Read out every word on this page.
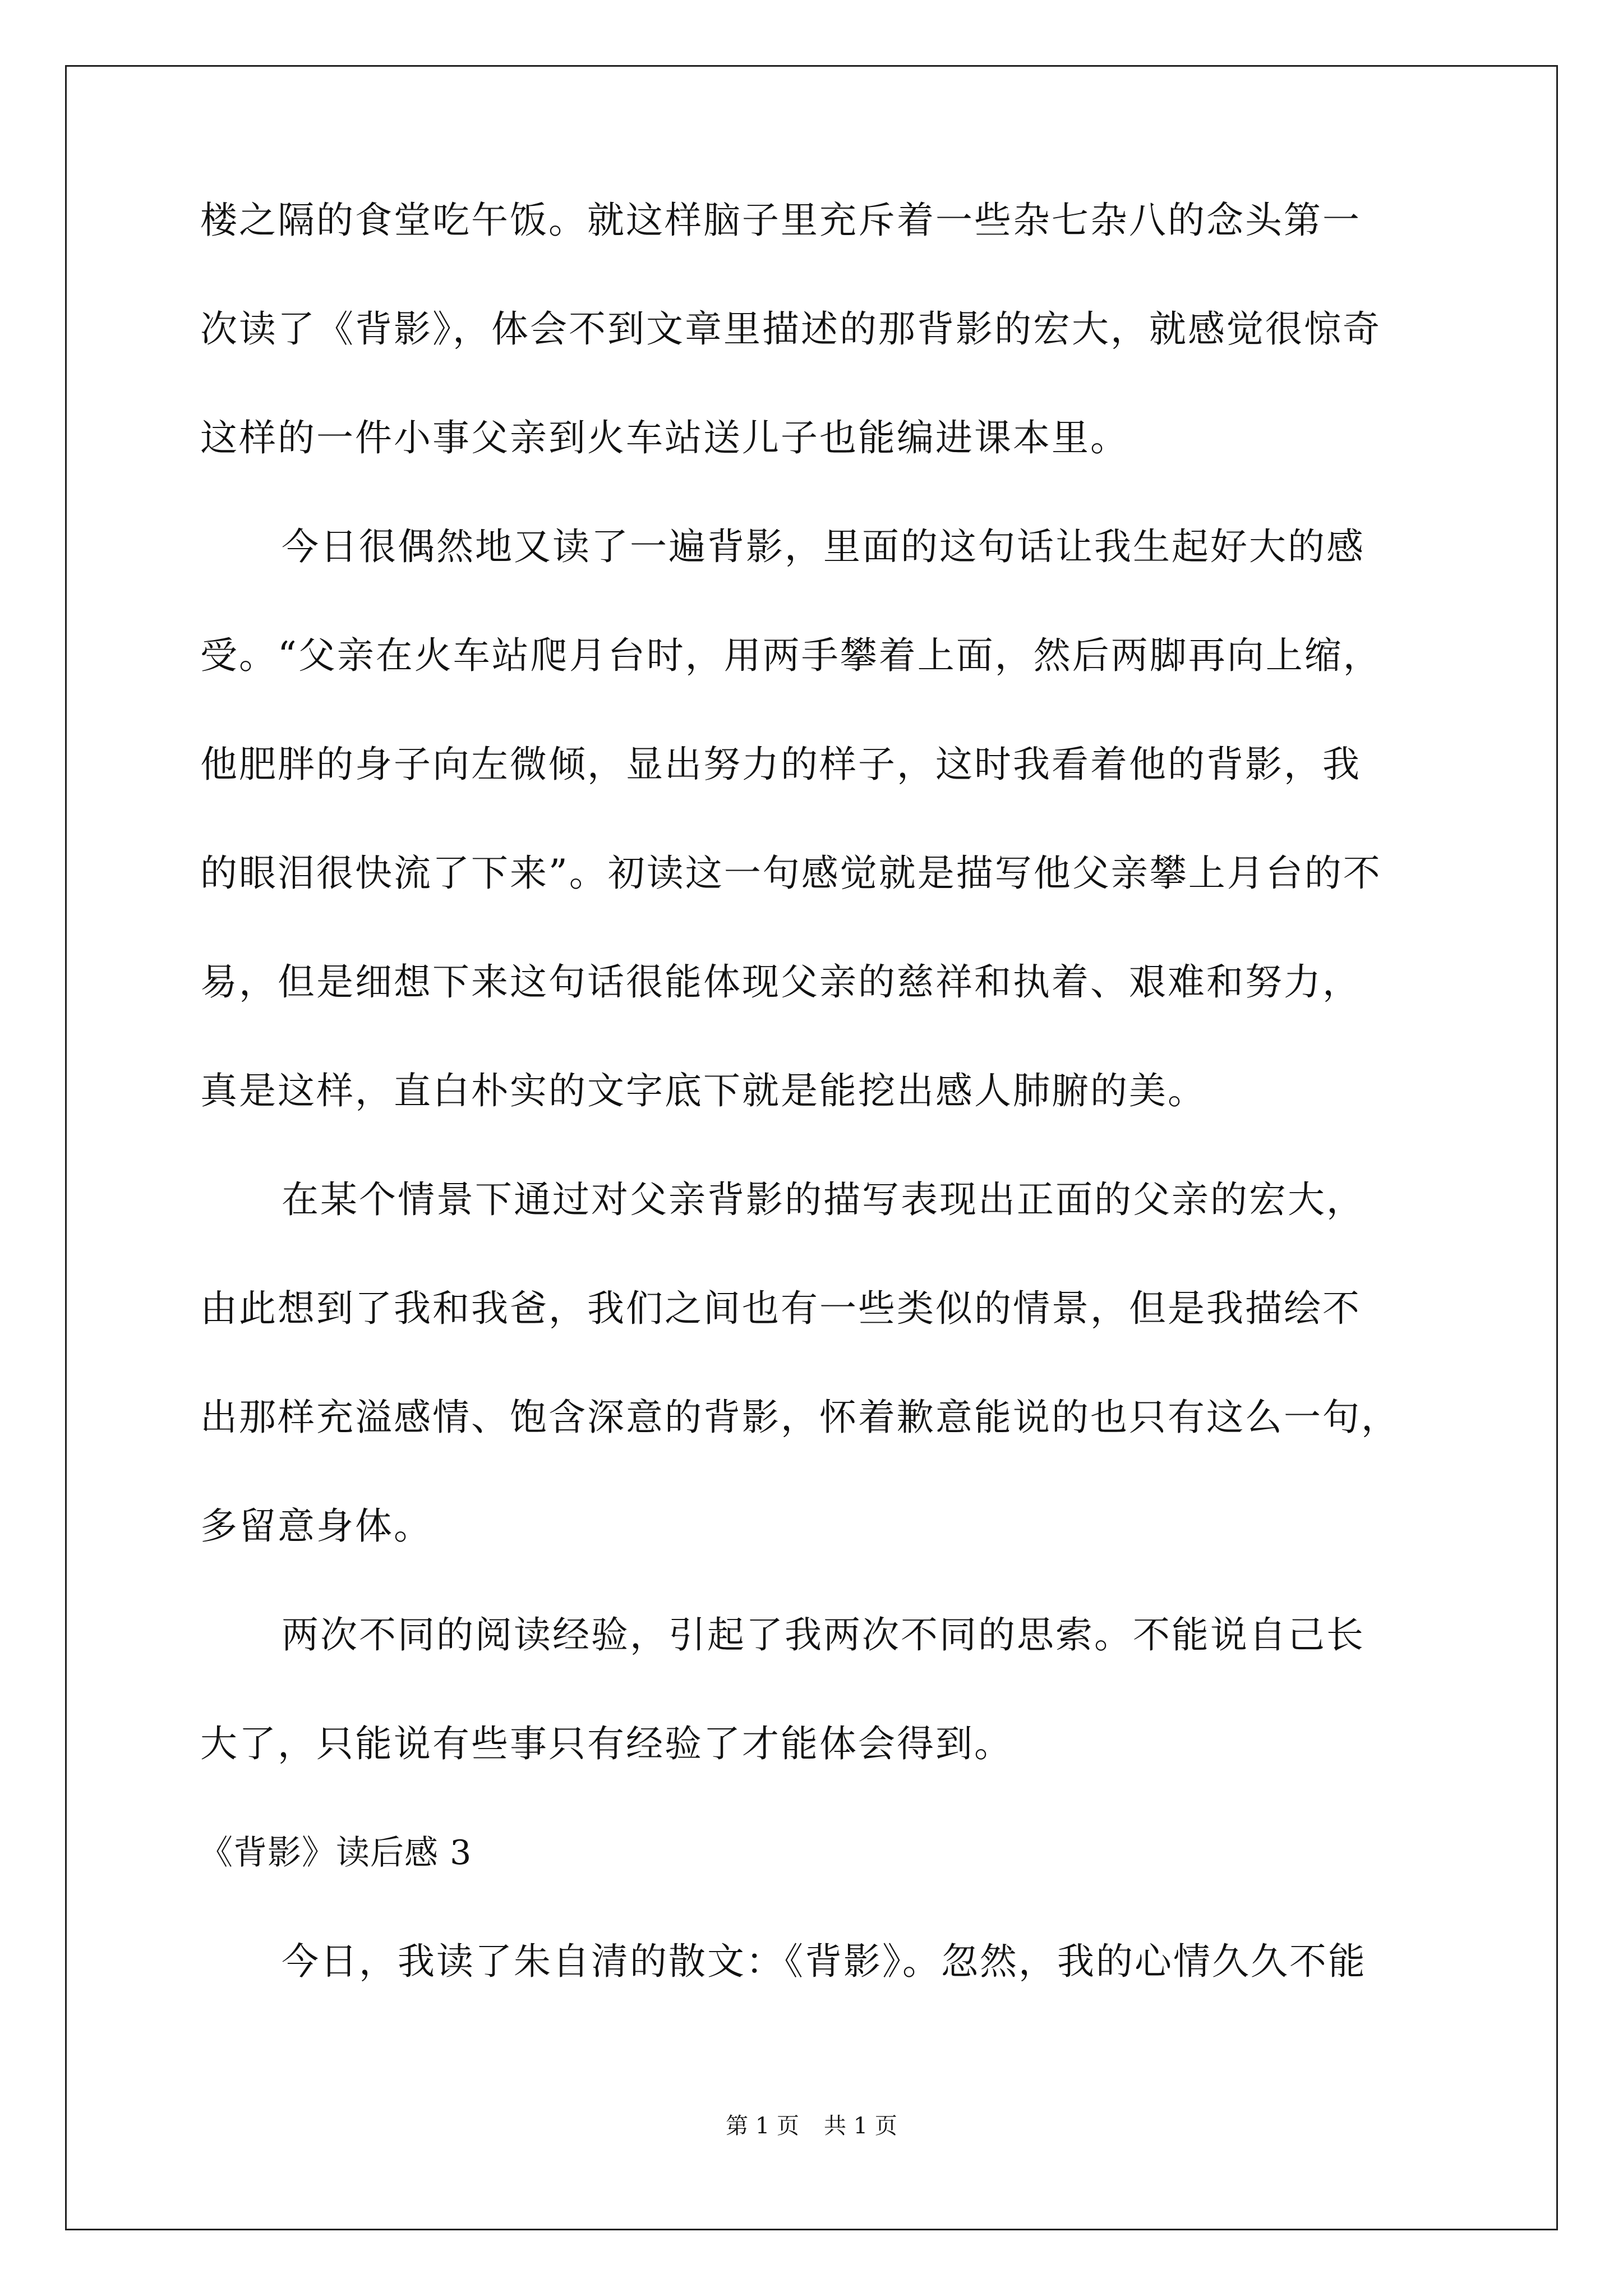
楼之隔的食堂吃午饭。就这样脑子里充斥着一些杂七杂八的念头第一
次读了《背影》，体会不到文章里描述的那背影的宏大，就感觉很惊奇
这样的一件小事父亲到火车站送儿子也能编进课本里。
今日很偶然地又读了一遍背影，里面的这句话让我生起好大的感
受。“父亲在火车站爬月台时，用两手攀着上面，然后两脚再向上缩，
他肥胖的身子向左微倾，显出努力的样子，这时我看着他的背影，我
的眼泪很快流了下来”。初读这一句感觉就是描写他父亲攀上月台的不
易，但是细想下来这句话很能体现父亲的慈祥和执着、艰难和努力，
真是这样，直白朴实的文字底下就是能挖出感人肺腑的美。
在某个情景下通过对父亲背影的描写表现出正面的父亲的宏大，
由此想到了我和我爸，我们之间也有一些类似的情景，但是我描绘不
出那样充溢感情、饱含深意的背影，怀着歉意能说的也只有这么一句，
多留意身体。
两次不同的阅读经验，引起了我两次不同的思索。不能说自己长
大了，只能说有些事只有经验了才能体会得到。
《背影》读后感 3
今日，我读了朱自清的散文：《背影》。忽然，我的心情久久不能
第 1 页 共 1 页
